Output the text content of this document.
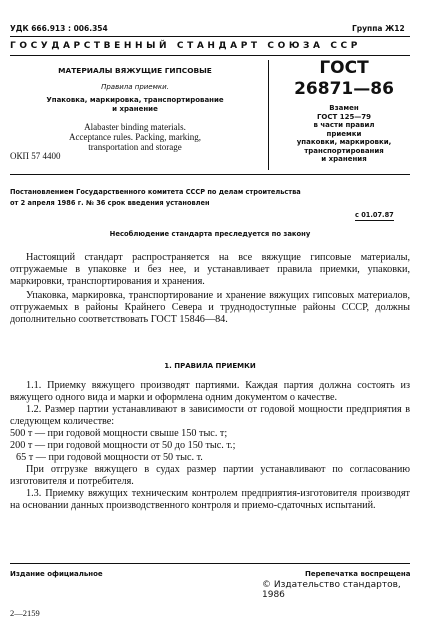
УДК 666.913 : 006.354	Группа Ж12
ГОСУДАРСТВЕННЫЙ СТАНДАРТ СОЮЗА ССР
МАТЕРИАЛЫ ВЯЖУЩИЕ ГИПСОВЫЕ
Правила приемки.
Упаковка, маркировка, транспортирование
и хранение
Alabaster binding materials.
Acceptance rules. Packing, marking,
transportation and storage
ОКП 57 4400
ГОСТ
26871—86
Взамен
ГОСТ 125—79
в части правил
приемки
упаковки, маркировки,
транспортирования
и хранения
Постановлением Государственного комитета СССР по делам строительства
от 2 апреля 1986 г. № 36 срок введения установлен
с 01.07.87
Несоблюдение стандарта преследуется по закону

Настоящий стандарт распространяется на все вяжущие гипсовые материалы, отгружаемые в упаковке и без нее, и устанавливает правила приемки, упаковки, маркировки, транспортирования и хранения.

Упаковка, маркировка, транспортирование и хранение вяжущих гипсовых материалов, отгружаемых в районы Крайнего Севера и труднодоступные районы СССР, должны дополнительно соответствовать ГОСТ 15846—84.

1. ПРАВИЛА ПРИЕМКИ

1.1. Приемку вяжущего производят партиями. Каждая партия должна состоять из вяжущего одного вида и марки и оформлена одним документом о качестве.

1.2. Размер партии устанавливают в зависимости от годовой мощности предприятия в следующем количестве:

500 т — при годовой мощности свыше 150 тыс. т;

200 т — при годовой мощности от 50 до 150 тыс. т.;

65 т — при годовой мощности от 50 тыс. т.

При отгрузке вяжущего в судах размер партии устанавливают по согласованию изготовителя и потребителя.

1.3. Приемку вяжущих техническим контролем предприятия-изготовителя производят на основании данных производственного контроля и приемо-сдаточных испытаний.

Издание официальное	Перепечатка воспрещена
© Издательство стандартов, 1986
2—2159
